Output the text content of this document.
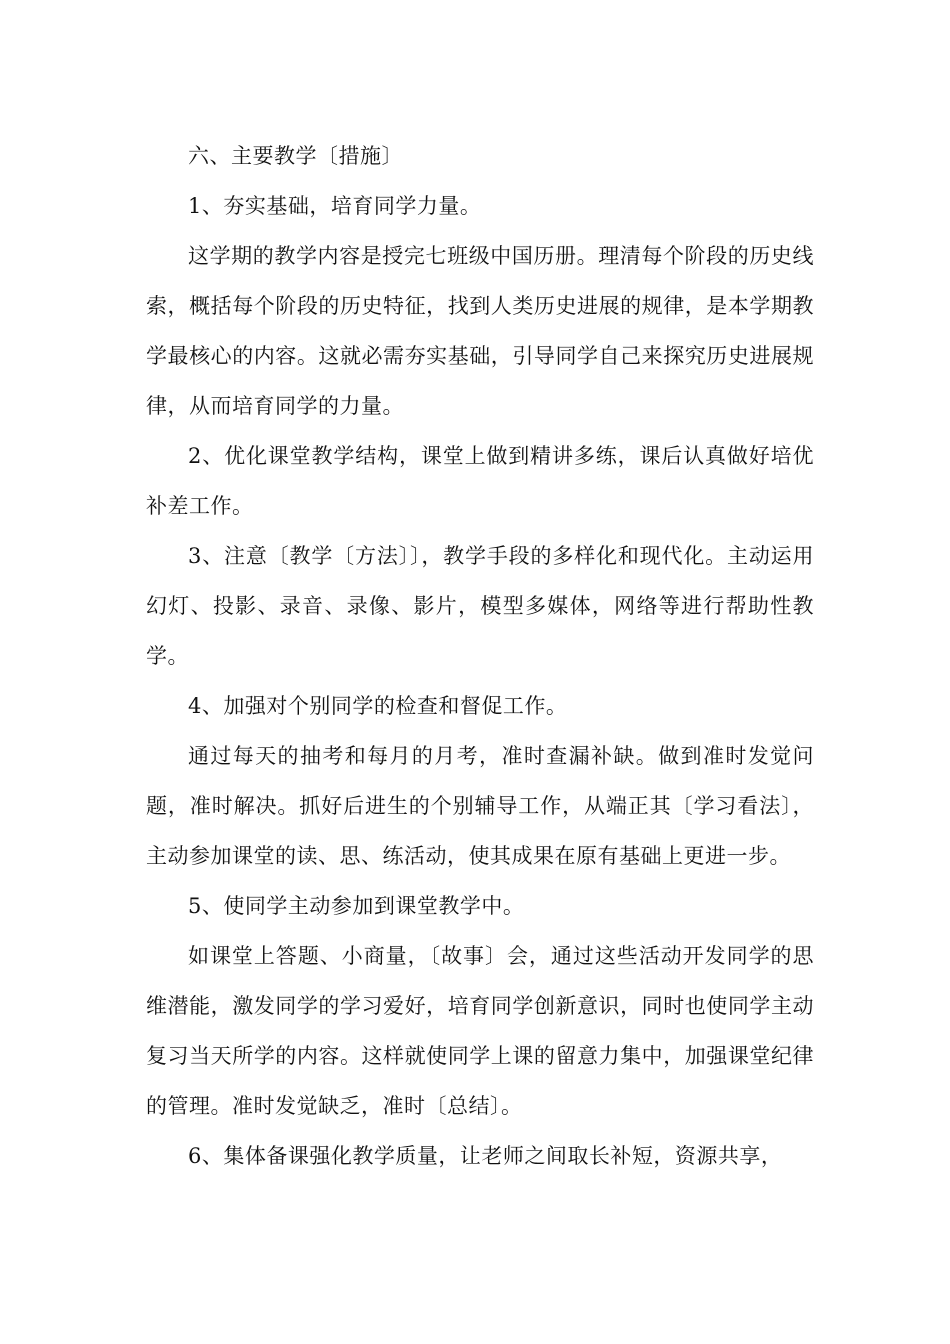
六、主要教学〔措施〕

1、夯实基础，培育同学力量。

这学期的教学内容是授完七班级中国历册。理清每个阶段的历史线索，概括每个阶段的历史特征，找到人类历史进展的规律，是本学期教学最核心的内容。这就必需夯实基础，引导同学自己来探究历史进展规律，从而培育同学的力量。

2、优化课堂教学结构，课堂上做到精讲多练，课后认真做好培优补差工作。

3、注意〔教学〔方法〕〕，教学手段的多样化和现代化。主动运用幻灯、投影、录音、录像、影片，模型多媒体，网络等进行帮助性教学。

4、加强对个别同学的检查和督促工作。

通过每天的抽考和每月的月考，准时查漏补缺。做到准时发觉问题，准时解决。抓好后进生的个别辅导工作，从端正其〔学习看法〕，主动参加课堂的读、思、练活动，使其成果在原有基础上更进一步。

5、使同学主动参加到课堂教学中。

如课堂上答题、小商量，〔故事〕会，通过这些活动开发同学的思维潜能，激发同学的学习爱好，培育同学创新意识，同时也使同学主动复习当天所学的内容。这样就使同学上课的留意力集中，加强课堂纪律的管理。准时发觉缺乏，准时〔总结〕。

6、集体备课强化教学质量，让老师之间取长补短，资源共享，
